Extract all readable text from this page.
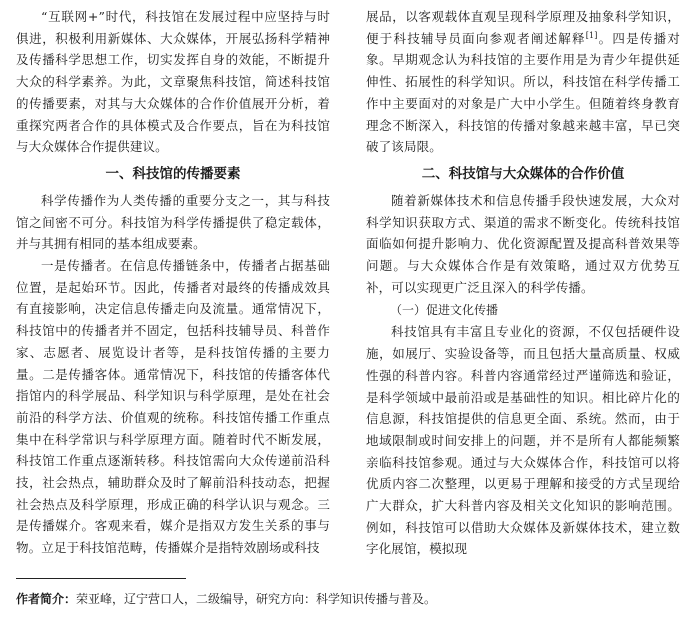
“互联网+”时代，科技馆在发展过程中应坚持与时俱进，积极利用新媒体、大众媒体，开展弘扬科学精神及传播科学思想工作，切实发挥自身的效能，不断提升大众的科学素养。为此，文章聚焦科技馆，简述科技馆的传播要素，对其与大众媒体的合作价值展开分析，着重探究两者合作的具体模式及合作要点，旨在为科技馆与大众媒体合作提供建议。

一、科技馆的传播要素

科学传播作为人类传播的重要分支之一，其与科技馆之间密不可分。科技馆为科学传播提供了稳定载体，并与其拥有相同的基本组成要素。

一是传播者。在信息传播链条中，传播者占据基础位置，是起始环节。因此，传播者对最终的传播成效具有直接影响，决定信息传播走向及流量。通常情况下，科技馆中的传播者并不固定，包括科技辅导员、科普作家、志愿者、展览设计者等，是科技馆传播的主要力量。二是传播客体。通常情况下，科技馆的传播客体代指馆内的科学展品、科学知识与科学原理，是处在社会前沿的科学方法、价值观的统称。科技馆传播工作重点集中在科学常识与科学原理方面。随着时代不断发展，科技馆工作重点逐渐转移。科技馆需向大众传递前沿科技，社会热点，辅助群众及时了解前沿科技动态，把握社会热点及科学原理，形成正确的科学认识与观念。三是传播媒介。客观来看，媒介是指双方发生关系的事与物。立足于科技馆范畴，传播媒介是指特效剧场或科技

展品，以客观载体直观呈现科学原理及抽象科学知识，便于科技辅导员面向参观者阐述解释[1]。四是传播对象。早期观念认为科技馆的主要作用是为青少年提供延伸性、拓展性的科学知识。所以，科技馆在科学传播工作中主要面对的对象是广大中小学生。但随着终身教育理念不断深入，科技馆的传播对象越来越丰富，早已突破了该局限。

二、科技馆与大众媒体的合作价值

随着新媒体技术和信息传播手段快速发展，大众对科学知识获取方式、渠道的需求不断变化。传统科技馆面临如何提升影响力、优化资源配置及提高科普效果等问题。与大众媒体合作是有效策略，通过双方优势互补，可以实现更广泛且深入的科学传播。

（一）促进文化传播

科技馆具有丰富且专业化的资源，不仅包括硬件设施，如展厅、实验设备等，而且包括大量高质量、权威性强的科普内容。科普内容通常经过严谨筛选和验证，是科学领域中最前沿或是基础性的知识。相比碎片化的信息源，科技馆提供的信息更全面、系统。然而，由于地域限制或时间安排上的问题，并不是所有人都能频繁亲临科技馆参观。通过与大众媒体合作，科技馆可以将优质内容二次整理，以更易于理解和接受的方式呈现给广大群众，扩大科普内容及相关文化知识的影响范围。例如，科技馆可以借助大众媒体及新媒体技术，建立数字化展馆，模拟现

作者简介：荣亚峰，辽宁营口人，二级编导，研究方向：科学知识传播与普及。
